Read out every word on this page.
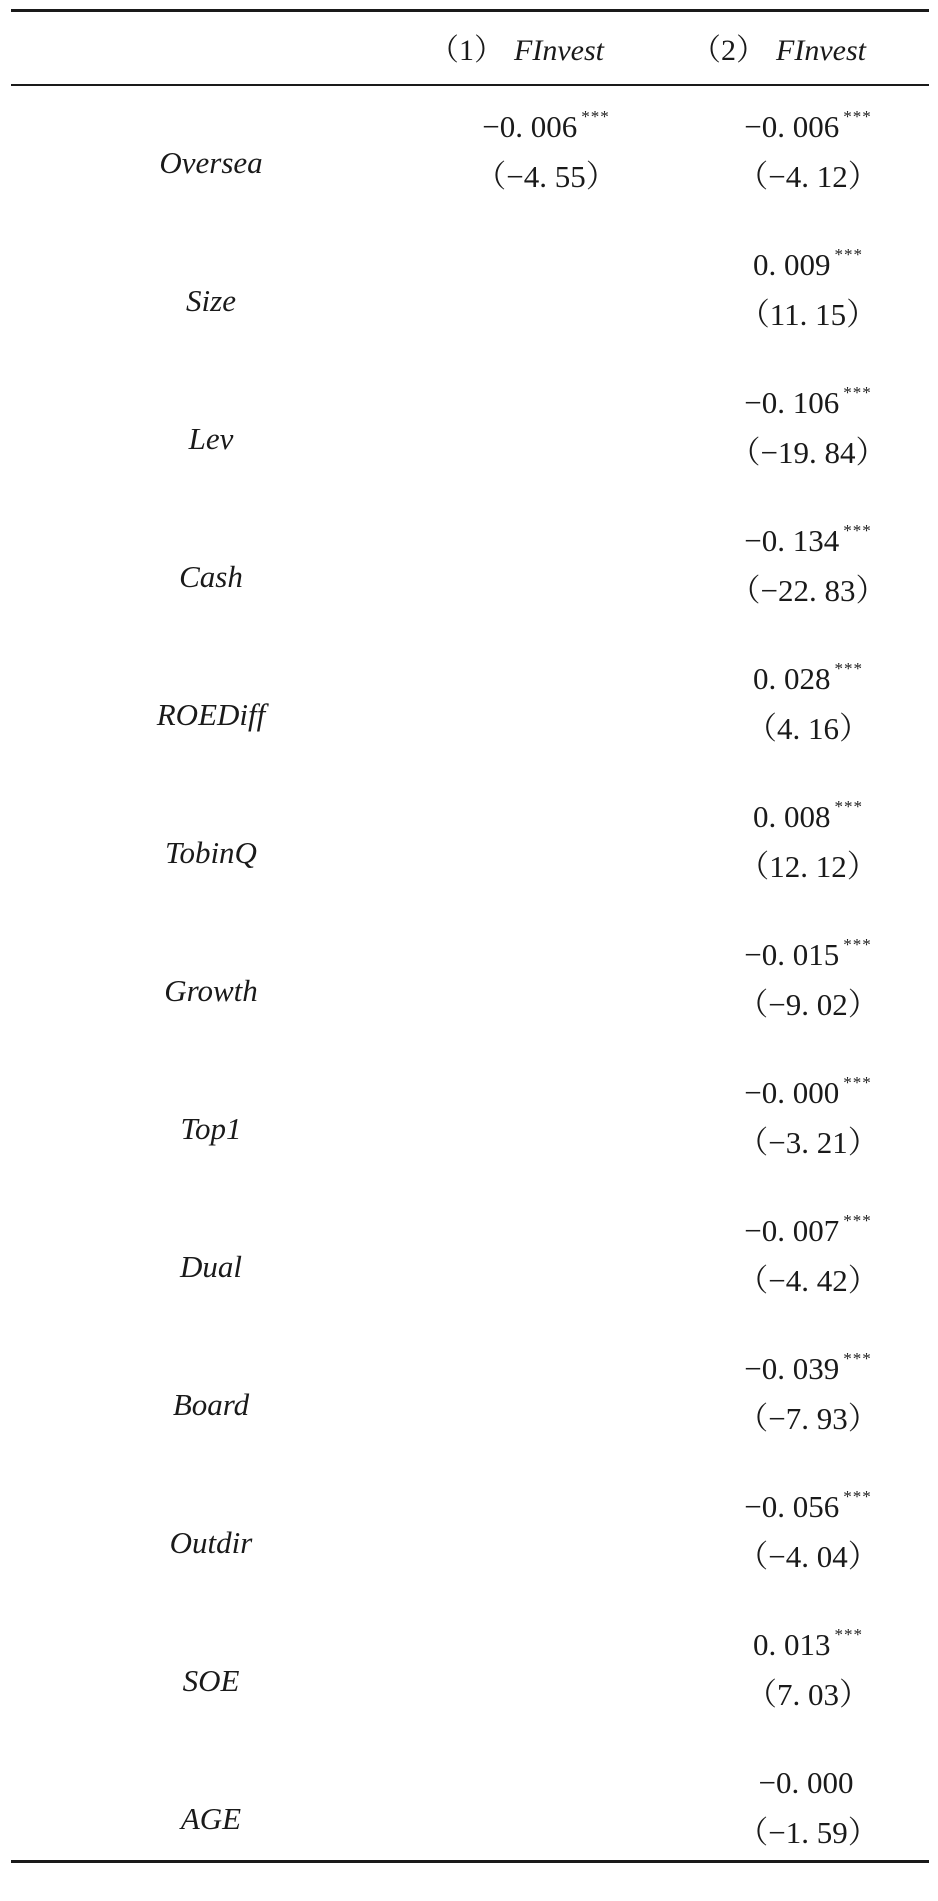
（1） FInvest	（2） FInvest
Oversea
−0. 006 ***
（−4. 55）
−0. 006 ***
（−4. 12）
Size
0. 009 ***
（11. 15）
Lev
−0. 106 ***
（−19. 84）
Cash
−0. 134 ***
（−22. 83）
ROEDiff
0. 028 ***
（4. 16）
TobinQ
0. 008 ***
（12. 12）
Growth
−0. 015 ***
（−9. 02）
Top1
−0. 000 ***
（−3. 21）
Dual
−0. 007 ***
（−4. 42）
Board
−0. 039 ***
（−7. 93）
Outdir
−0. 056 ***
（−4. 04）
SOE
0. 013 ***
（7. 03）
AGE
−0. 000
（−1. 59）
